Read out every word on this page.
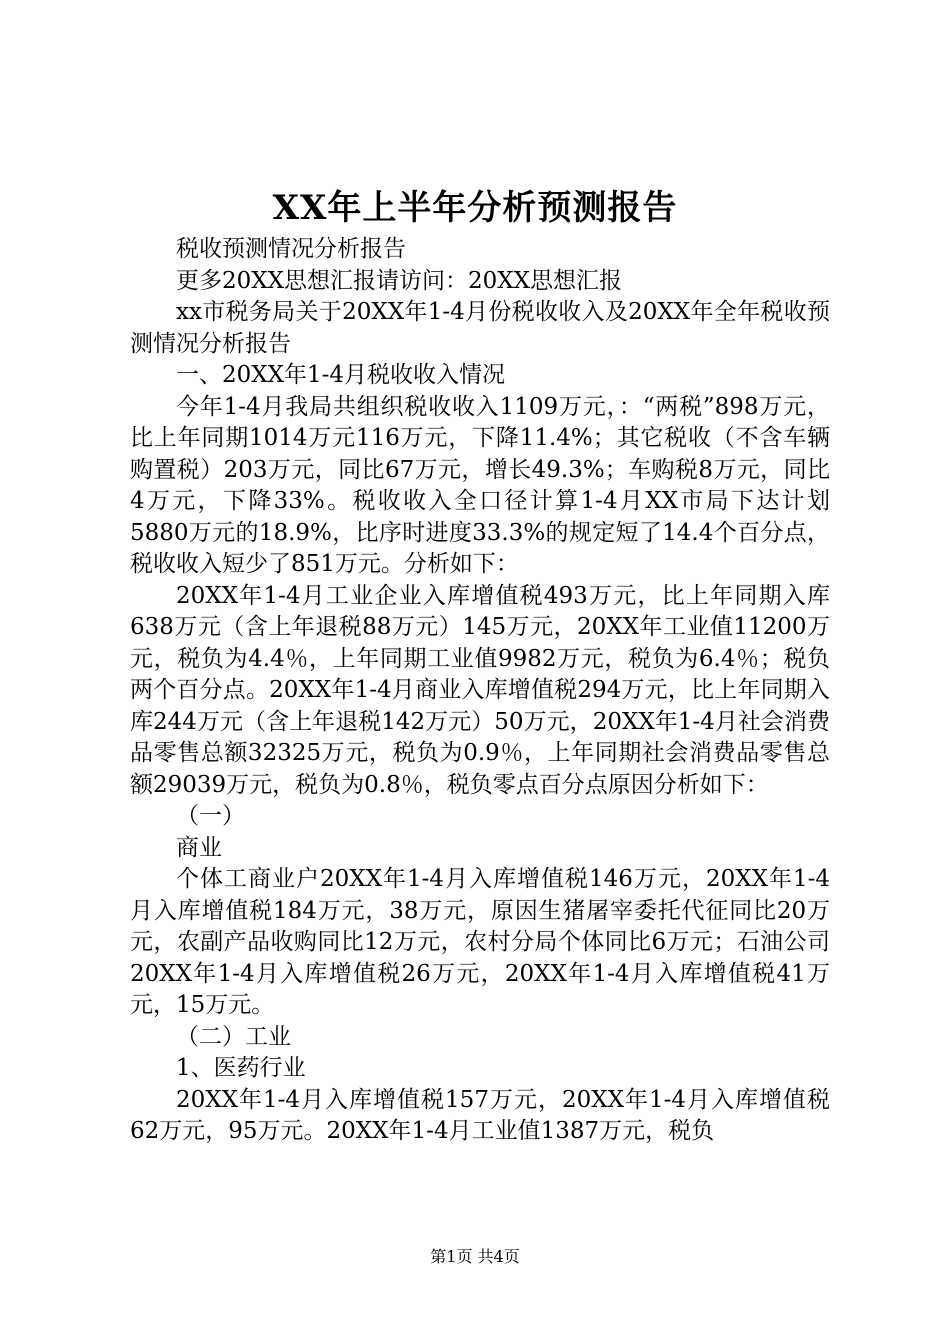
XX年上半年分析预测报告

税收预测情况分析报告

更多20XX思想汇报请访问：20XX思想汇报

xx市税务局关于20XX年1-4月份税收收入及20XX年全年税收预测情况分析报告

一、20XX年1-4月税收收入情况

今年1-4月我局共组织税收收入1109万元，：“两税”898万元，比上年同期1014万元116万元，下降11.4%；其它税收（不含车辆购置税）203万元，同比67万元，增长49.3%；车购税8万元，同比4万元，下降33%。税收收入全口径计算1-4月XX市局下达计划5880万元的18.9%，比序时进度33.3%的规定短了14.4个百分点，税收收入短少了851万元。分析如下：

20XX年1-4月工业企业入库增值税493万元，比上年同期入库638万元（含上年退税88万元）145万元，20XX年工业值11200万元，税负为4.4％，上年同期工业值9982万元，税负为6.4％；税负两个百分点。20XX年1-4月商业入库增值税294万元，比上年同期入库244万元（含上年退税142万元）50万元，20XX年1-4月社会消费品零售总额32325万元，税负为0.9％，上年同期社会消费品零售总额29039万元，税负为0.8％，税负零点百分点原因分析如下：

（一）

商业

个体工商业户20XX年1-4月入库增值税146万元，20XX年1-4月入库增值税184万元，38万元，原因生猪屠宰委托代征同比20万元，农副产品收购同比12万元，农村分局个体同比6万元；石油公司20XX年1-4月入库增值税26万元，20XX年1-4月入库增值税41万元，15万元。

（二）工业

1、医药行业

20XX年1-4月入库增值税157万元，20XX年1-4月入库增值税62万元，95万元。20XX年1-4月工业值1387万元，税负

第1页 共4页
